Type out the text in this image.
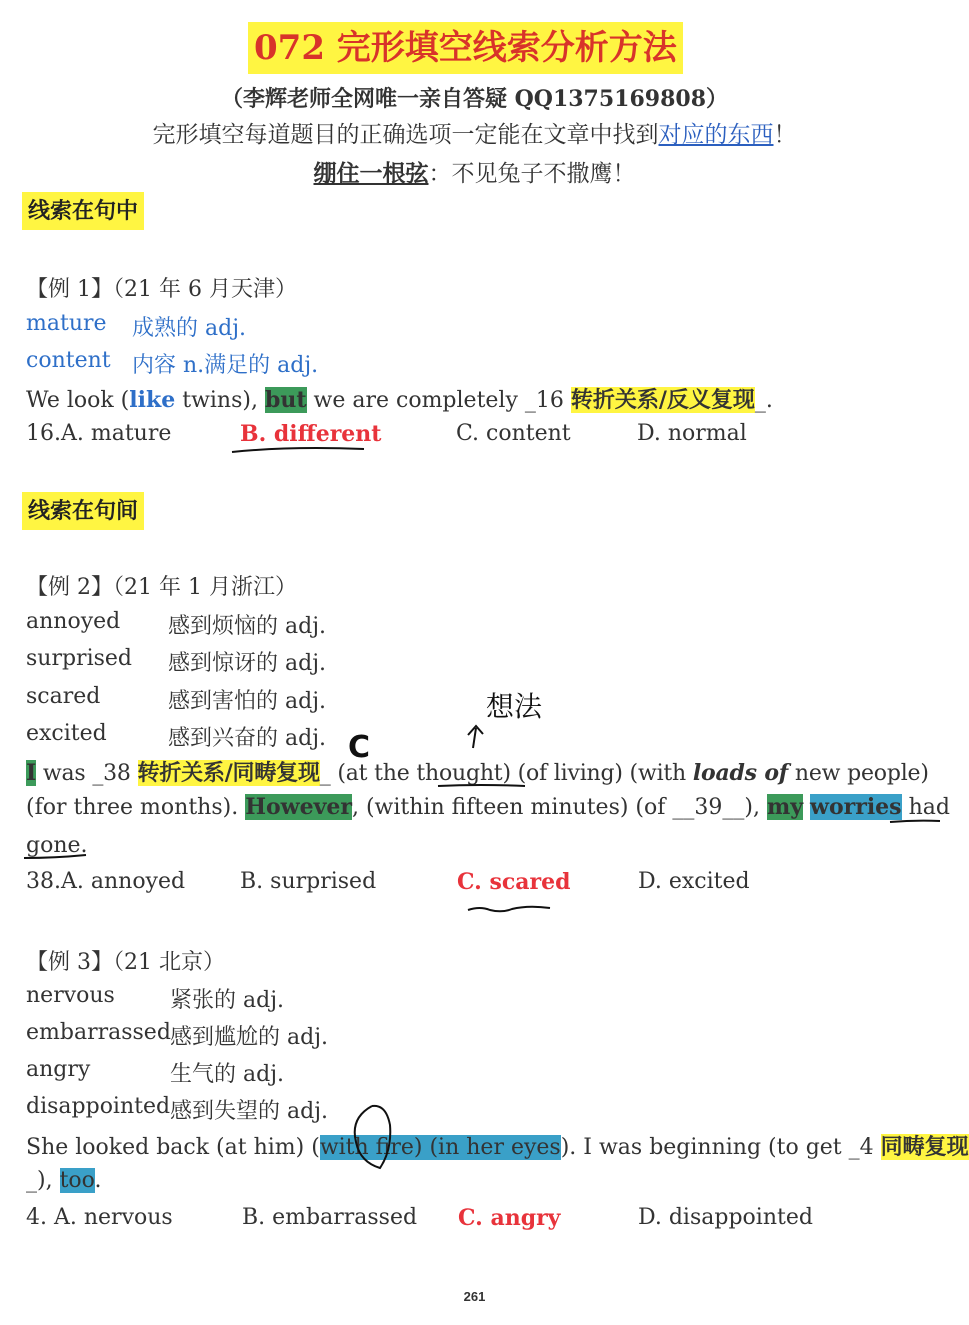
072 完形填空线索分析方法
（李辉老师全网唯一亲自答疑 QQ1375169808）
完形填空每道题目的正确选项一定能在文章中找到对应的东西！
绷住一根弦：不见兔子不撒鹰！
线索在句中
【例 1】（21 年 6 月天津）
mature 成熟的 adj.
content 内容 n.满足的 adj.
We look (like twins), but we are completely _16 转折关系/反义复现_.
16.A. mature	B. different	C. content	D. normal
线索在句间
【例 2】（21 年 1 月浙江）
annoyed 感到烦恼的 adj.
surprised 感到惊讶的 adj.
scared	感到害怕的 adj.
excited	感到兴奋的 adj.
I was _38 转折关系/同畴复现_ (at the thought) (of living) (with loads of new people)
(for three months). However, (within fifteen minutes) (of __39__), my worries had
gone.
38.A. annoyed B. surprised	C. scared	D. excited
【例 3】（21 北京）
nervous	紧张的 adj.
embarrassed 感到尴尬的 adj.
angry	生气的 adj.
disappointed 感到失望的 adj.
She looked back (at him) (with fire) (in her eyes). I was beginning (to get _4 同畴复现
_), too.
4. A. nervous	B. embarrassed C. angry	D. disappointed
C
想法
261
